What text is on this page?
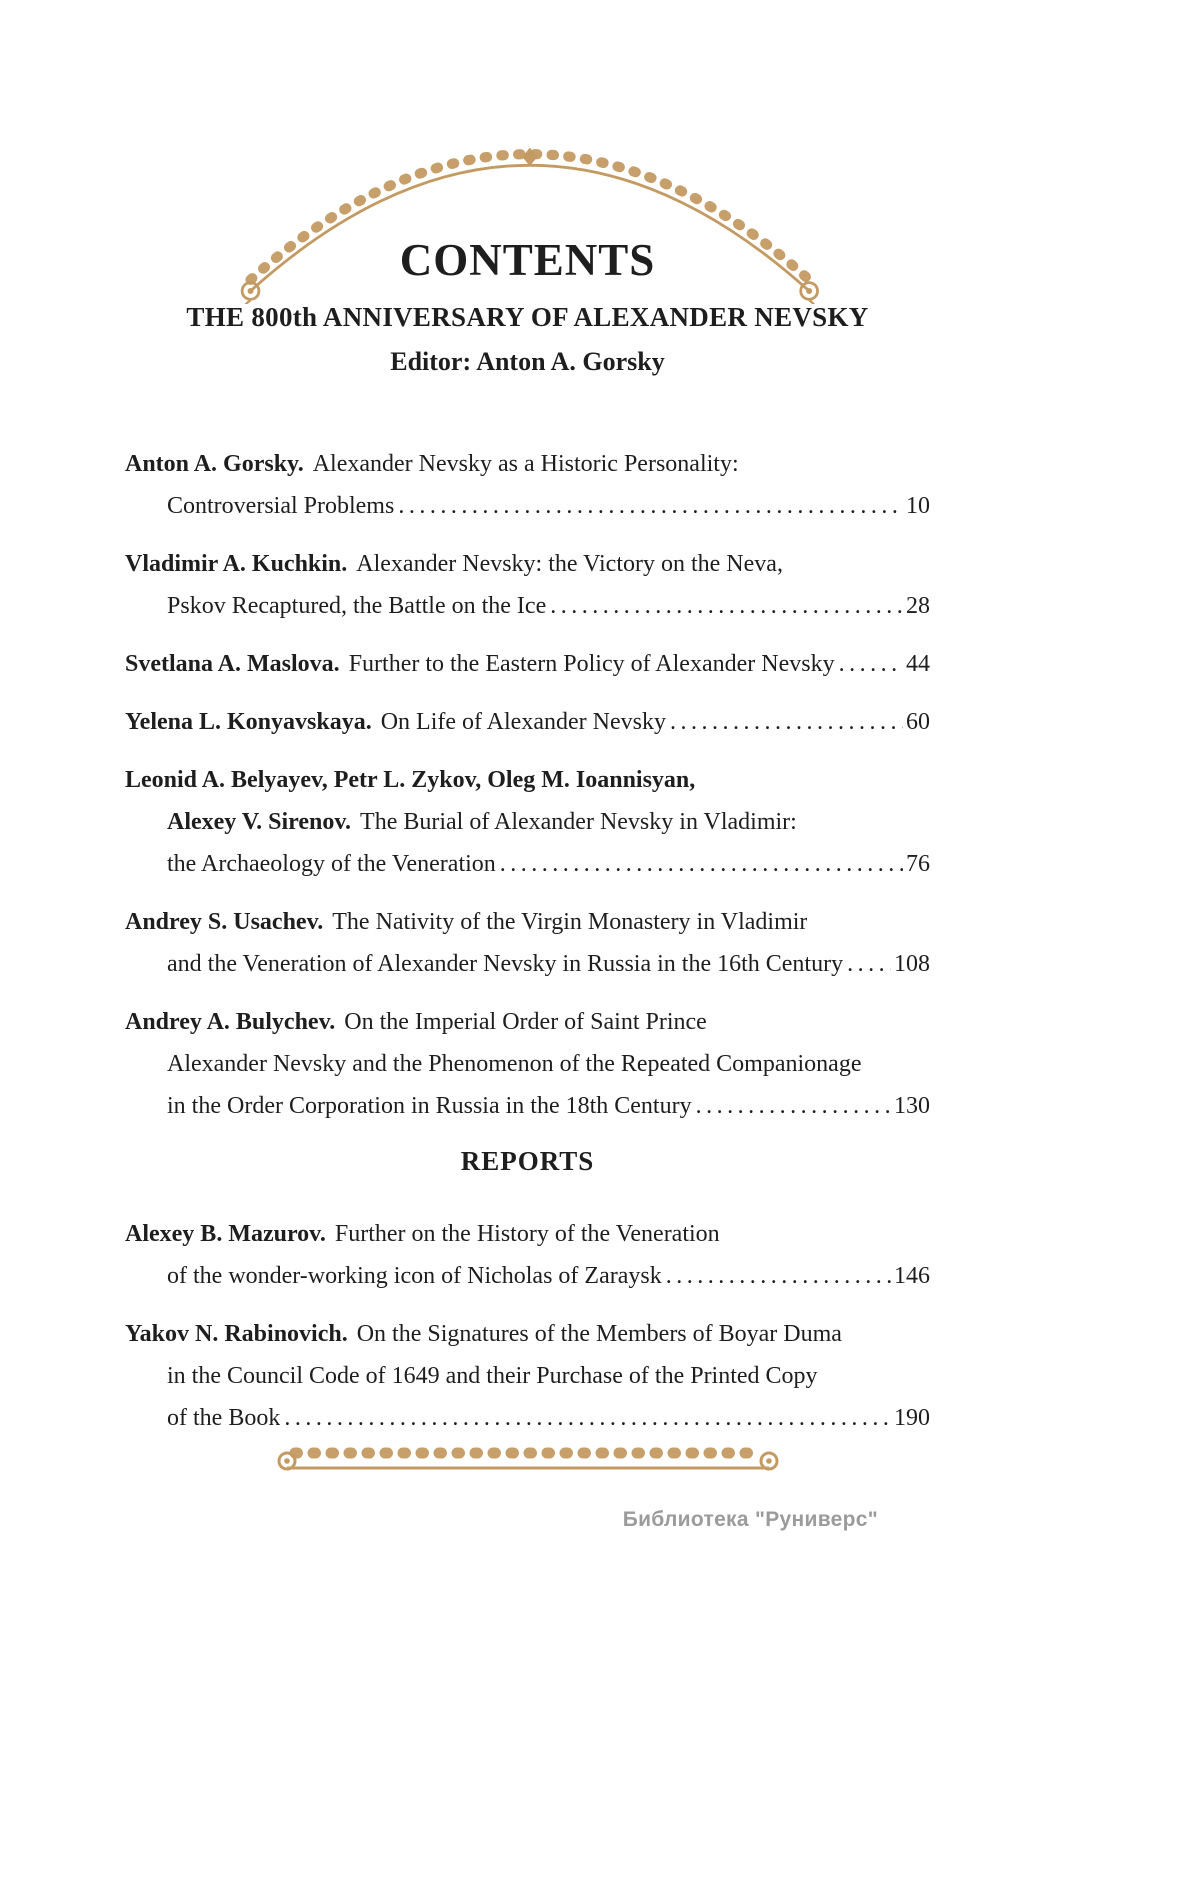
CONTENTS
THE 800th ANNIVERSARY OF ALEXANDER NEVSKY
Editor: Anton A. Gorsky
Anton A. Gorsky. Alexander Nevsky as a Historic Personality:
Controversial Problems .....	10
Vladimir A. Kuchkin. Alexander Nevsky: the Victory on the Neva,
Pskov Recaptured, the Battle on the Ice .....	28
Svetlana A. Maslova. Further to the Eastern Policy of Alexander Nevsky .....	44
Yelena L. Konyavskaya. On Life of Alexander Nevsky .....	60
Leonid A. Belyayev, Petr L. Zykov, Oleg M. Ioannisyan,
Alexey V. Sirenov. The Burial of Alexander Nevsky in Vladimir:
the Archaeology of the Veneration .....	76
Andrey S. Usachev. The Nativity of the Virgin Monastery in Vladimir
and the Veneration of Alexander Nevsky in Russia in the 16th Century ..... 108
Andrey A. Bulychev. On the Imperial Order of Saint Prince
Alexander Nevsky and the Phenomenon of the Repeated Companionage
in the Order Corporation in Russia in the 18th Century .....	130
REPORTS
Alexey B. Mazurov. Further on the History of the Veneration
of the wonder-working icon of Nicholas of Zaraysk .....	146
Yakov N. Rabinovich. On the Signatures of the Members of Boyar Duma
in the Council Code of 1649 and their Purchase of the Printed Copy
of the Book .....	190
Библиотека "Руниверс"
